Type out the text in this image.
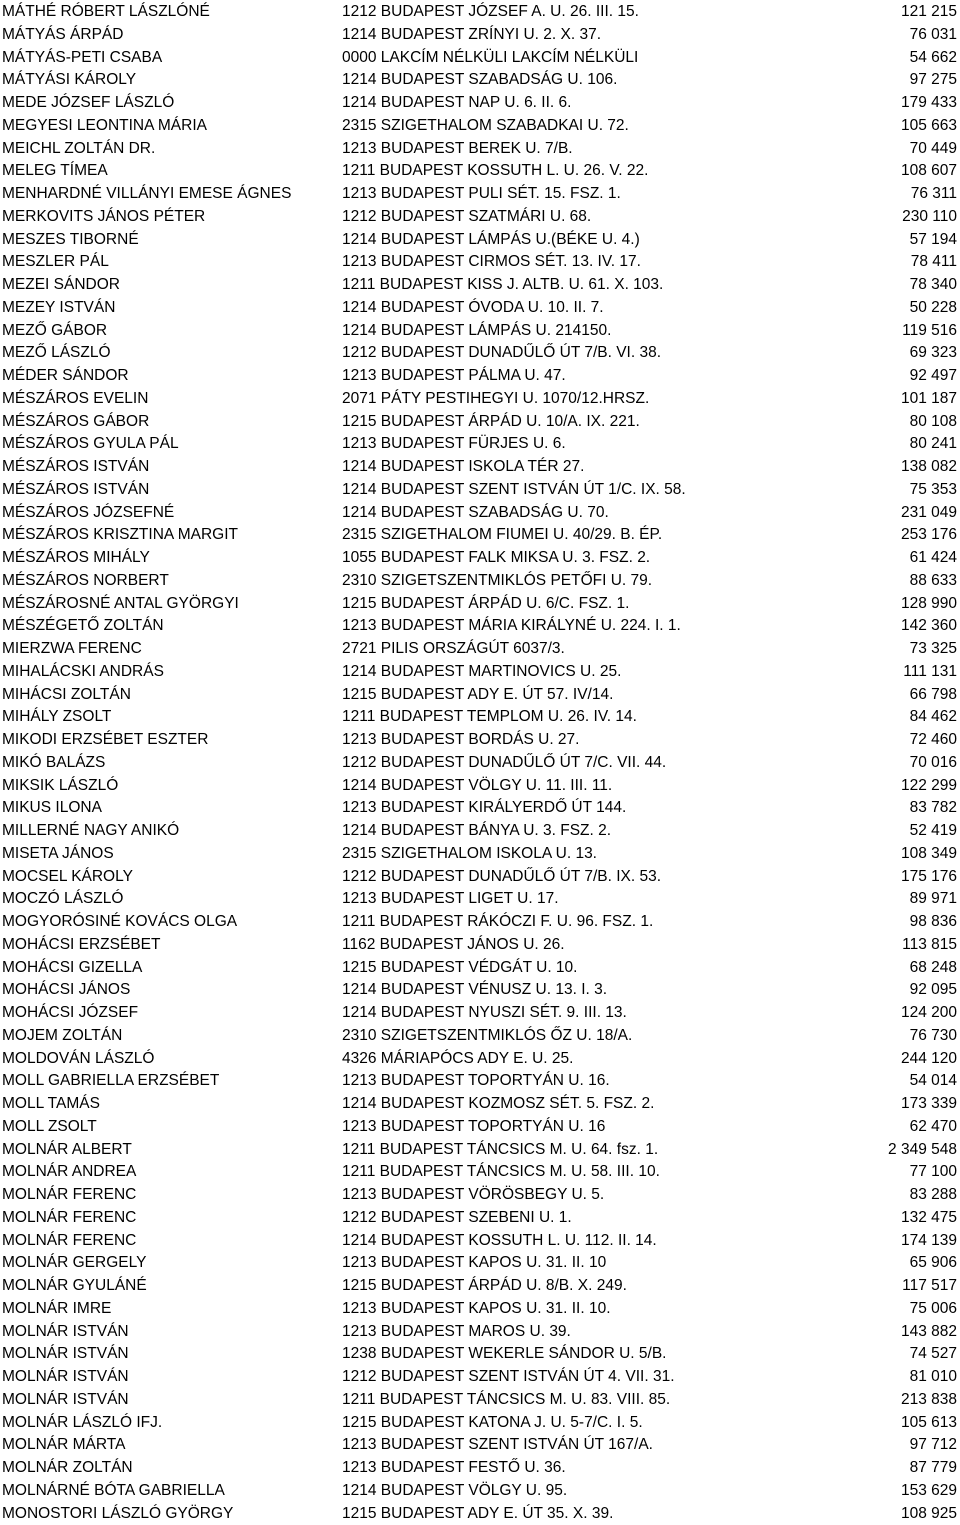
MÁTHÉ RÓBERT LÁSZLÓNÉ	1212 BUDAPEST JÓZSEF A. U. 26. III. 15.	121 215
MÁTYÁS ÁRPÁD	1214 BUDAPEST ZRÍNYI U. 2. X. 37.	76 031
MÁTYÁS-PETI CSABA	0000 LAKCÍM NÉLKÜLI LAKCÍM NÉLKÜLI	54 662
MÁTYÁSI KÁROLY	1214 BUDAPEST SZABADSÁG U. 106.	97 275
MEDE JÓZSEF LÁSZLÓ	1214 BUDAPEST NAP U. 6. II. 6.	179 433
MEGYESI LEONTINA MÁRIA	2315 SZIGETHALOM SZABADKAI U. 72.	105 663
MEICHL ZOLTÁN DR.	1213 BUDAPEST BEREK U. 7/B.	70 449
MELEG TÍMEA	1211 BUDAPEST KOSSUTH L. U. 26. V. 22.	108 607
MENHARDNÉ VILLÁNYI EMESE ÁGNES	1213 BUDAPEST PULI SÉT. 15. FSZ. 1.	76 311
MERKOVITS JÁNOS PÉTER	1212 BUDAPEST SZATMÁRI U. 68.	230 110
MESZES TIBORNÉ	1214 BUDAPEST LÁMPÁS U.(BÉKE U. 4.)	57 194
MESZLER PÁL	1213 BUDAPEST CIRMOS SÉT. 13. IV. 17.	78 411
MEZEI SÁNDOR	1211 BUDAPEST KISS J. ALTB. U. 61. X. 103.	78 340
MEZEY ISTVÁN	1214 BUDAPEST ÓVODA U. 10. II. 7.	50 228
MEZŐ GÁBOR	1214 BUDAPEST LÁMPÁS U. 214150.	119 516
MEZŐ LÁSZLÓ	1212 BUDAPEST DUNADŰLŐ ÚT 7/B. VI. 38.	69 323
MÉDER SÁNDOR	1213 BUDAPEST PÁLMA U. 47.	92 497
MÉSZÁROS EVELIN	2071 PÁTY PESTIHEGYI U. 1070/12.HRSZ.	101 187
MÉSZÁROS GÁBOR	1215 BUDAPEST ÁRPÁD U. 10/A. IX. 221.	80 108
MÉSZÁROS GYULA PÁL	1213 BUDAPEST FÜRJES U. 6.	80 241
MÉSZÁROS ISTVÁN	1214 BUDAPEST ISKOLA TÉR 27.	138 082
MÉSZÁROS ISTVÁN	1214 BUDAPEST SZENT ISTVÁN ÚT 1/C. IX. 58.	75 353
MÉSZÁROS JÓZSEFNÉ	1214 BUDAPEST SZABADSÁG U. 70.	231 049
MÉSZÁROS KRISZTINA MARGIT	2315 SZIGETHALOM FIUMEI U. 40/29. B. ÉP.	253 176
MÉSZÁROS MIHÁLY	1055 BUDAPEST FALK MIKSA U. 3. FSZ. 2.	61 424
MÉSZÁROS NORBERT	2310 SZIGETSZENTMIKLÓS PETŐFI U. 79.	88 633
MÉSZÁROSNÉ ANTAL GYÖRGYI	1215 BUDAPEST ÁRPÁD U. 6/C. FSZ. 1.	128 990
MÉSZÉGETŐ ZOLTÁN	1213 BUDAPEST MÁRIA KIRÁLYNÉ U. 224. I. 1.	142 360
MIERZWA FERENC	2721 PILIS ORSZÁGÚT 6037/3.	73 325
MIHALÁCSKI ANDRÁS	1214 BUDAPEST MARTINOVICS U. 25.	111 131
MIHÁCSI ZOLTÁN	1215 BUDAPEST ADY E. ÚT 57. IV/14.	66 798
MIHÁLY ZSOLT	1211 BUDAPEST TEMPLOM U. 26. IV. 14.	84 462
MIKODI ERZSÉBET ESZTER	1213 BUDAPEST BORDÁS U. 27.	72 460
MIKÓ BALÁZS	1212 BUDAPEST DUNADŰLŐ ÚT 7/C. VII. 44.	70 016
MIKSIK LÁSZLÓ	1214 BUDAPEST VÖLGY U. 11. III. 11.	122 299
MIKUS ILONA	1213 BUDAPEST KIRÁLYERDŐ ÚT 144.	83 782
MILLERNÉ NAGY ANIKÓ	1214 BUDAPEST BÁNYA U. 3. FSZ. 2.	52 419
MISETA JÁNOS	2315 SZIGETHALOM ISKOLA U. 13.	108 349
MOCSEL KÁROLY	1212 BUDAPEST DUNADŰLŐ ÚT 7/B. IX. 53.	175 176
MOCZÓ LÁSZLÓ	1213 BUDAPEST LIGET U. 17.	89 971
MOGYORÓSINÉ KOVÁCS OLGA	1211 BUDAPEST RÁKÓCZI F. U. 96. FSZ. 1.	98 836
MOHÁCSI ERZSÉBET	1162 BUDAPEST JÁNOS U. 26.	113 815
MOHÁCSI GIZELLA	1215 BUDAPEST VÉDGÁT U. 10.	68 248
MOHÁCSI JÁNOS	1214 BUDAPEST VÉNUSZ U. 13. I. 3.	92 095
MOHÁCSI JÓZSEF	1214 BUDAPEST NYUSZI SÉT. 9. III. 13.	124 200
MOJEM ZOLTÁN	2310 SZIGETSZENTMIKLÓS ŐZ U. 18/A.	76 730
MOLDOVÁN LÁSZLÓ	4326 MÁRIAPÓCS ADY E. U. 25.	244 120
MOLL GABRIELLA ERZSÉBET	1213 BUDAPEST TOPORTYÁN U. 16.	54 014
MOLL TAMÁS	1214 BUDAPEST KOZMOSZ SÉT. 5. FSZ. 2.	173 339
MOLL ZSOLT	1213 BUDAPEST TOPORTYÁN U. 16	62 470
MOLNÁR ALBERT	1211 BUDAPEST TÁNCSICS M. U. 64. fsz. 1.	2 349 548
MOLNÁR ANDREA	1211 BUDAPEST TÁNCSICS M. U. 58. III. 10.	77 100
MOLNÁR FERENC	1213 BUDAPEST VÖRÖSBEGY U. 5.	83 288
MOLNÁR FERENC	1212 BUDAPEST SZEBENI U. 1.	132 475
MOLNÁR FERENC	1214 BUDAPEST KOSSUTH L. U. 112. II. 14.	174 139
MOLNÁR GERGELY	1213 BUDAPEST KAPOS U. 31. II. 10	65 906
MOLNÁR GYULÁNÉ	1215 BUDAPEST ÁRPÁD U. 8/B. X. 249.	117 517
MOLNÁR IMRE	1213 BUDAPEST KAPOS U. 31. II. 10.	75 006
MOLNÁR ISTVÁN	1213 BUDAPEST MAROS U. 39.	143 882
MOLNÁR ISTVÁN	1238 BUDAPEST WEKERLE SÁNDOR U. 5/B.	74 527
MOLNÁR ISTVÁN	1212 BUDAPEST SZENT ISTVÁN ÚT 4. VII. 31.	81 010
MOLNÁR ISTVÁN	1211 BUDAPEST TÁNCSICS M. U. 83. VIII. 85.	213 838
MOLNÁR LÁSZLÓ IFJ.	1215 BUDAPEST KATONA J. U. 5-7/C. I. 5.	105 613
MOLNÁR MÁRTA	1213 BUDAPEST SZENT ISTVÁN ÚT 167/A.	97 712
MOLNÁR ZOLTÁN	1213 BUDAPEST FESTŐ U. 36.	87 779
MOLNÁRNÉ BÓTA GABRIELLA	1214 BUDAPEST VÖLGY U. 95.	153 629
MONOSTORI LÁSZLÓ GYÖRGY	1215 BUDAPEST ADY E. ÚT 35. X. 39.	108 925
